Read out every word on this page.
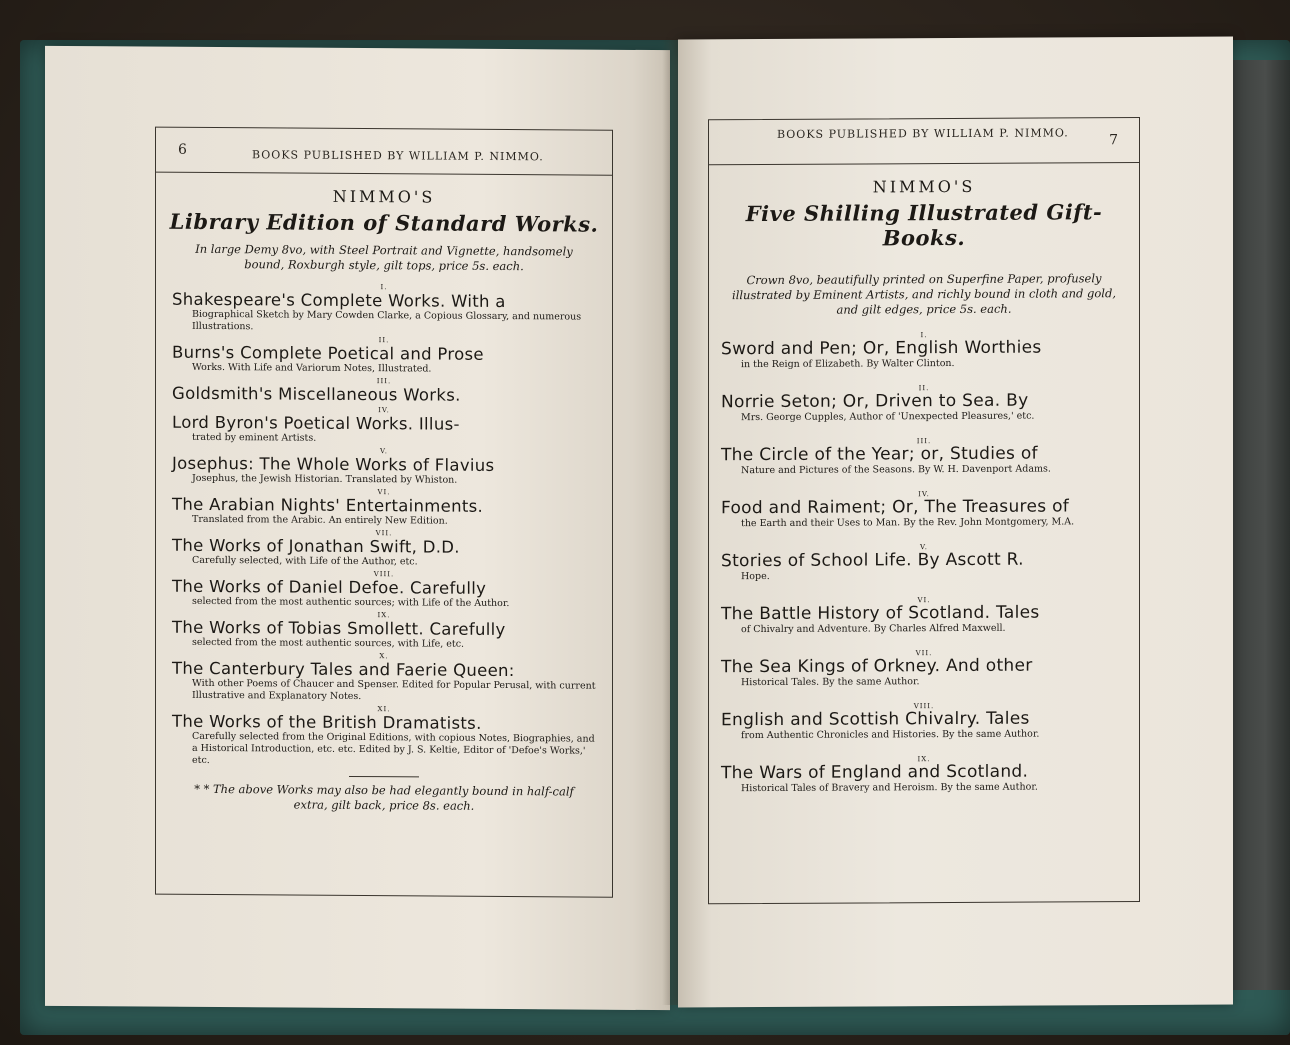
6	BOOKS PUBLISHED BY WILLIAM P. NIMMO.
NIMMO'S
Library Edition of Standard Works.
In large Demy 8vo, with Steel Portrait and Vignette, handsomely bound, Roxburgh style, gilt tops, price 5s. each.
I.
Shakespeare's Complete Works. With a
Biographical Sketch by Mary Cowden Clarke, a Copious Glossary, and numerous Illustrations.
II.
Burns's Complete Poetical and Prose
Works. With Life and Variorum Notes, Illustrated.
III.
Goldsmith's Miscellaneous Works.
IV.
Lord Byron's Poetical Works. Illus-
trated by eminent Artists.
V.
Josephus: The Whole Works of Flavius
Josephus, the Jewish Historian. Translated by Whiston.
VI.
The Arabian Nights' Entertainments.
Translated from the Arabic. An entirely New Edition.
VII.
The Works of Jonathan Swift, D.D.
Carefully selected, with Life of the Author, etc.
VIII.
The Works of Daniel Defoe. Carefully
selected from the most authentic sources; with Life of the Author.
IX.
The Works of Tobias Smollett. Carefully
selected from the most authentic sources, with Life, etc.
X.
The Canterbury Tales and Faerie Queen:
With other Poems of Chaucer and Spenser. Edited for Popular Perusal, with current Illustrative and Explanatory Notes.
XI.
The Works of the British Dramatists.
Carefully selected from the Original Editions, with copious Notes, Biographies, and a Historical Introduction, etc. etc. Edited by J. S. Keltie, Editor of 'Defoe's Works,' etc.
* * The above Works may also be had elegantly bound in half-calf extra, gilt back, price 8s. each.
BOOKS PUBLISHED BY WILLIAM P. NIMMO.	7
NIMMO'S
Five Shilling Illustrated Gift-Books.
Crown 8vo, beautifully printed on Superfine Paper, profusely illustrated by Eminent Artists, and richly bound in cloth and gold, and gilt edges, price 5s. each.
I.
Sword and Pen; Or, English Worthies
in the Reign of Elizabeth. By Walter Clinton.
II.
Norrie Seton; Or, Driven to Sea. By
Mrs. George Cupples, Author of 'Unexpected Pleasures,' etc.
III.
The Circle of the Year; or, Studies of
Nature and Pictures of the Seasons. By W. H. Davenport Adams.
IV.
Food and Raiment; Or, The Treasures of
the Earth and their Uses to Man. By the Rev. John Montgomery, M.A.
V.
Stories of School Life. By Ascott R.
Hope.
VI.
The Battle History of Scotland. Tales
of Chivalry and Adventure. By Charles Alfred Maxwell.
VII.
The Sea Kings of Orkney. And other
Historical Tales. By the same Author.
VIII.
English and Scottish Chivalry. Tales
from Authentic Chronicles and Histories. By the same Author.
IX.
The Wars of England and Scotland.
Historical Tales of Bravery and Heroism. By the same Author.
